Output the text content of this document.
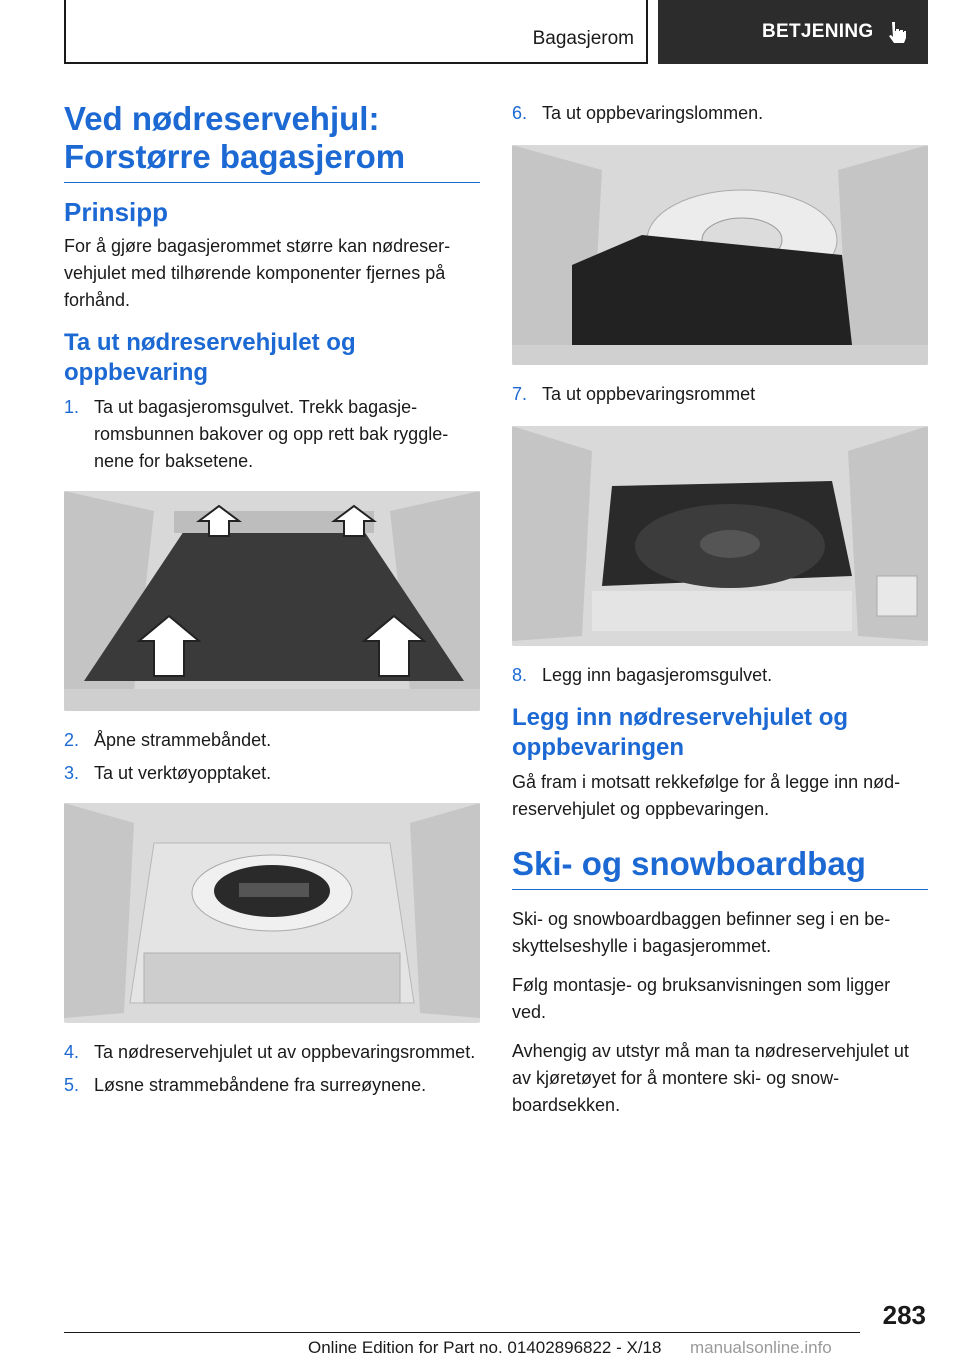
Bagasjerom	BETJENING
Ved nødreservehjul:
Forstørre bagasjerom
Prinsipp

For å gjøre bagasjerommet større kan nødreservehjulet med tilhørende komponenter fjernes på forhånd.

Ta ut nødreservehjulet og oppbevaring
1. Ta ut bagasjeromsgulvet. Trekk bagasjeromsbunnen bakover og opp rett bak rygglenene for baksetene.
2. Åpne strammebåndet.
3. Ta ut verktøyopptaket.
4. Ta nødreservehjulet ut av oppbevaringsrommet.
5. Løsne strammebåndene fra surreøynene.
6. Ta ut oppbevaringslommen.
7. Ta ut oppbevaringsrommet
8. Legg inn bagasjeromsgulvet.
Legg inn nødreservehjulet og oppbevaringen

Gå fram i motsatt rekkefølge for å legge inn nødreservehjulet og oppbevaringen.

Ski- og snowboardbag

Ski- og snowboardbaggen befinner seg i en beskyttelseshylle i bagasjerommet.

Følg montasje- og bruksanvisningen som ligger ved.

Avhengig av utstyr må man ta nødreservehjulet ut av kjøretøyet for å montere ski- og snowboardsekken.

283
Online Edition for Part no. 01402896822 - X/18 manualsonline.info
